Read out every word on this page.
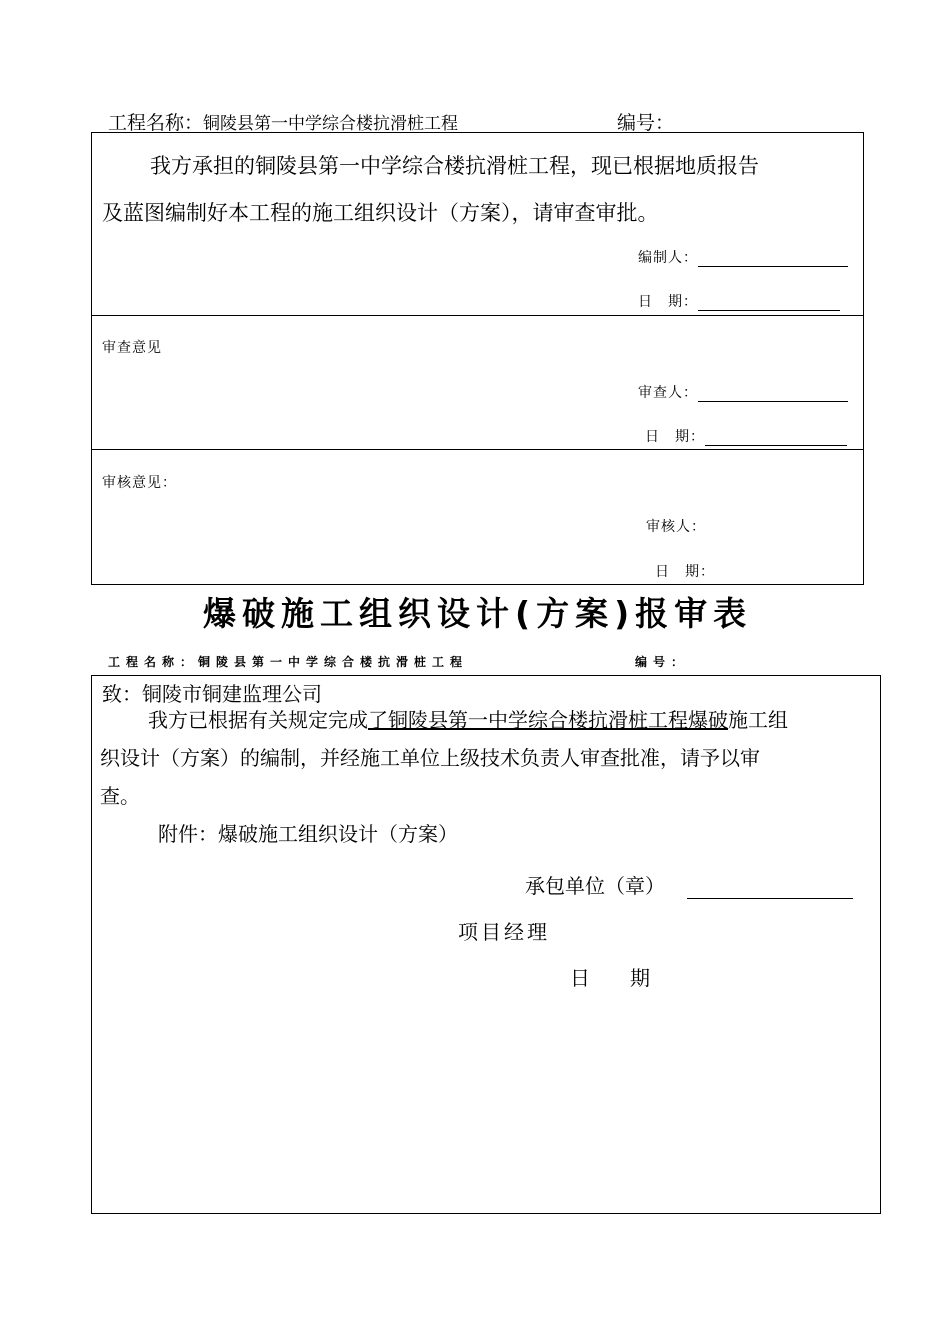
工程名称：铜陵县第一中学综合楼抗滑桩工程	编号：
我方承担的铜陵县第一中学综合楼抗滑桩工程，现已根据地质报告
及蓝图编制好本工程的施工组织设计（方案），请审查审批。
编制人：
日　期：
审查意见
审查人：
日　期：
审核意见：
审核人：
日　期：
爆破施工组织设计(方案)报审表
工程名称：铜陵县第一中学综合楼抗滑桩工程	编号：
致：铜陵市铜建监理公司
我方已根据有关规定完成了铜陵县第一中学综合楼抗滑桩工程爆破施工组
织设计（方案）的编制，并经施工单位上级技术负责人审查批准，请予以审
查。
附件：爆破施工组织设计（方案）
承包单位（章）
项目经理
日　　期
